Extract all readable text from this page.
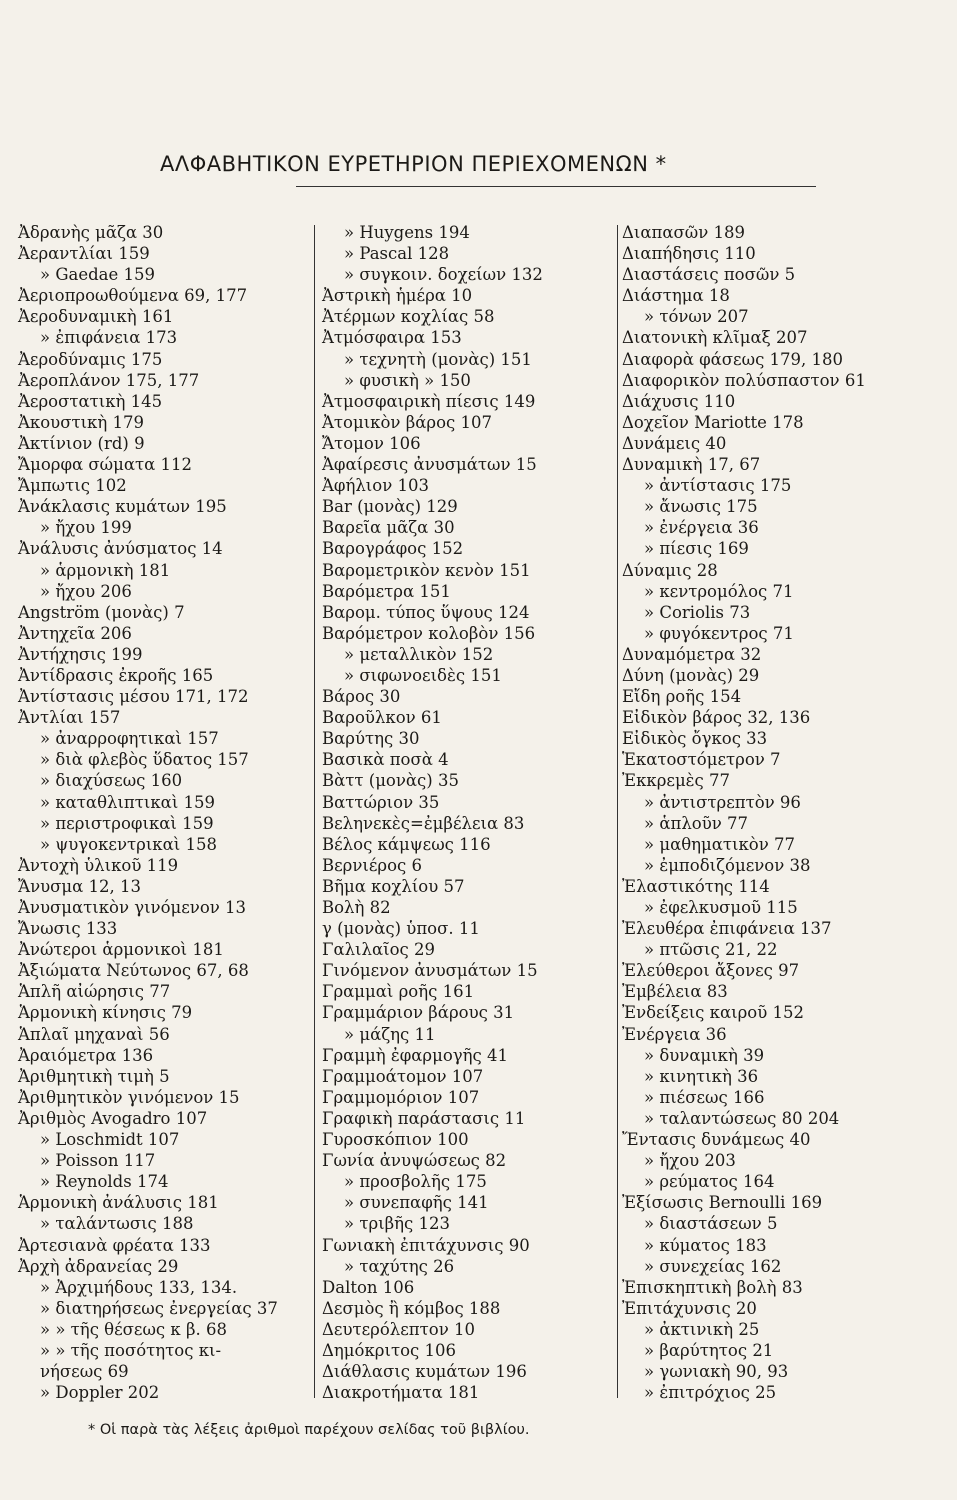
ΑΛΦΑΒΗΤΙΚΟΝ ΕΥΡΕΤΗΡΙΟΝ ΠΕΡΙΕΧΟΜΕΝΩΝ *
Ἀδρανὴς μᾶζα 30
Ἀεραντλίαι 159
» Gaedae 159
Ἀεριοπροωθούμενα 69, 177
Ἀεροδυναμικὴ 161
» ἐπιφάνεια 173
Ἀεροδύναμις 175
Ἀεροπλάνον 175, 177
Ἀεροστατικὴ 145
Ἀκουστικὴ 179
Ἀκτίνιον (rd) 9
Ἄμορφα σώματα 112
Ἄμπωτις 102
Ἀνάκλασις κυμάτων 195
» ἤχου 199
Ἀνάλυσις ἀνύσματος 14
» ἁρμονικὴ 181
» ἤχου 206
Angström (μονὰς) 7
Ἀντηχεῖα 206
Ἀντήχησις 199
Ἀντίδρασις ἐκροῆς 165
Ἀντίστασις μέσου 171, 172
Ἀντλίαι 157
» ἀναρροφητικαὶ 157
» διὰ φλεβὸς ὕδατος 157
» διαχύσεως 160
» καταθλιπτικαὶ 159
» περιστροφικαὶ 159
» ψυγοκεντρικαὶ 158
Ἀντοχὴ ὑλικοῦ 119
Ἄνυσμα 12, 13
Ἀνυσματικὸν γινόμενον 13
Ἄνωσις 133
Ἀνώτεροι ἁρμονικοὶ 181
Ἀξιώματα Νεύτωνος 67, 68
Ἁπλῆ αἰώρησις 77
Ἁρμονικὴ κίνησις 79
Ἁπλαῖ μηχαναὶ 56
Ἀραιόμετρα 136
Ἀριθμητικὴ τιμὴ 5
Ἀριθμητικὸν γινόμενον 15
Ἀριθμὸς Avogadro 107
» Loschmidt 107
» Poisson 117
» Reynolds 174
Ἁρμονικὴ ἀνάλυσις 181
» ταλάντωσις 188
Ἀρτεσιανὰ φρέατα 133
Ἀρχὴ ἀδρανείας 29
» Ἀρχιμήδους 133, 134.
» διατηρήσεως ἐνεργείας 37
» » τῆς θέσεως κ β. 68
» » τῆς ποσότητος κι-
νήσεως 69
» Doppler 202
» Huygens 194
» Pascal 128
» συγκοιν. δοχείων 132
Ἀστρικὴ ἡμέρα 10
Ἀτέρμων κοχλίας 58
Ἀτμόσφαιρα 153
» τεχνητὴ (μονὰς) 151
» φυσικὴ » 150
Ἀτμοσφαιρικὴ πίεσις 149
Ἀτομικὸν βάρος 107
Ἄτομον 106
Ἀφαίρεσις ἀνυσμάτων 15
Ἀφήλιον 103
Bar (μονὰς) 129
Βαρεῖα μᾶζα 30
Βαρογράφος 152
Βαρομετρικὸν κενὸν 151
Βαρόμετρα 151
Βαρομ. τύπος ὕψους 124
Βαρόμετρον κολοβὸν 156
» μεταλλικὸν 152
» σιφωνοειδὲς 151
Βάρος 30
Βαροῦλκον 61
Βαρύτης 30
Βασικὰ ποσὰ 4
Βὰττ (μονὰς) 35
Βαττώριον 35
Βεληνεκὲς=ἐμβέλεια 83
Βέλος κάμψεως 116
Βερνιέρος 6
Βῆμα κοχλίου 57
Βολὴ 82
γ (μονὰς) ὑποσ. 11
Γαλιλαῖος 29
Γινόμενον ἀνυσμάτων 15
Γραμμαὶ ροῆς 161
Γραμμάριον βάρους 31
» μάζης 11
Γραμμὴ ἐφαρμογῆς 41
Γραμμοάτομον 107
Γραμμομόριον 107
Γραφικὴ παράστασις 11
Γυροσκόπιον 100
Γωνία ἀνυψώσεως 82
» προσβολῆς 175
» συνεπαφῆς 141
» τριβῆς 123
Γωνιακὴ ἐπιτάχυνσις 90
» ταχύτης 26
Dalton 106
Δεσμὸς ἢ κόμβος 188
Δευτερόλεπτον 10
Δημόκριτος 106
Διάθλασις κυμάτων 196
Διακροτήματα 181
Διαπασῶν 189
Διαπήδησις 110
Διαστάσεις ποσῶν 5
Διάστημα 18
» τόνων 207
Διατονικὴ κλῖμαξ 207
Διαφορὰ φάσεως 179, 180
Διαφορικὸν πολύσπαστον 61
Διάχυσις 110
Δοχεῖον Mariotte 178
Δυνάμεις 40
Δυναμικὴ 17, 67
» ἀντίστασις 175
» ἄνωσις 175
» ἐνέργεια 36
» πίεσις 169
Δύναμις 28
» κεντρομόλος 71
» Coriolis 73
» φυγόκεντρος 71
Δυναμόμετρα 32
Δύνη (μονὰς) 29
Εἴδη ροῆς 154
Εἰδικὸν βάρος 32, 136
Εἰδικὸς ὄγκος 33
Ἑκατοστόμετρον 7
Ἐκκρεμὲς 77
» ἀντιστρεπτὸν 96
» ἁπλοῦν 77
» μαθηματικὸν 77
» ἐμποδιζόμενον 38
Ἐλαστικότης 114
» ἐφελκυσμοῦ 115
Ἐλευθέρα ἐπιφάνεια 137
» πτῶσις 21, 22
Ἐλεύθεροι ἄξονες 97
Ἐμβέλεια 83
Ἐνδείξεις καιροῦ 152
Ἐνέργεια 36
» δυναμικὴ 39
» κινητικὴ 36
» πιέσεως 166
» ταλαντώσεως 80 204
Ἔντασις δυνάμεως 40
» ἤχου 203
» ρεύματος 164
Ἐξίσωσις Bernoulli 169
» διαστάσεων 5
» κύματος 183
» συνεχείας 162
Ἐπισκηπτικὴ βολὴ 83
Ἐπιτάχυνσις 20
» ἀκτινικὴ 25
» βαρύτητος 21
» γωνιακὴ 90, 93
» ἐπιτρόχιος 25
* Οἱ παρὰ τὰς λέξεις ἀριθμοὶ παρέχουν σελίδας τοῦ βιβλίου.
